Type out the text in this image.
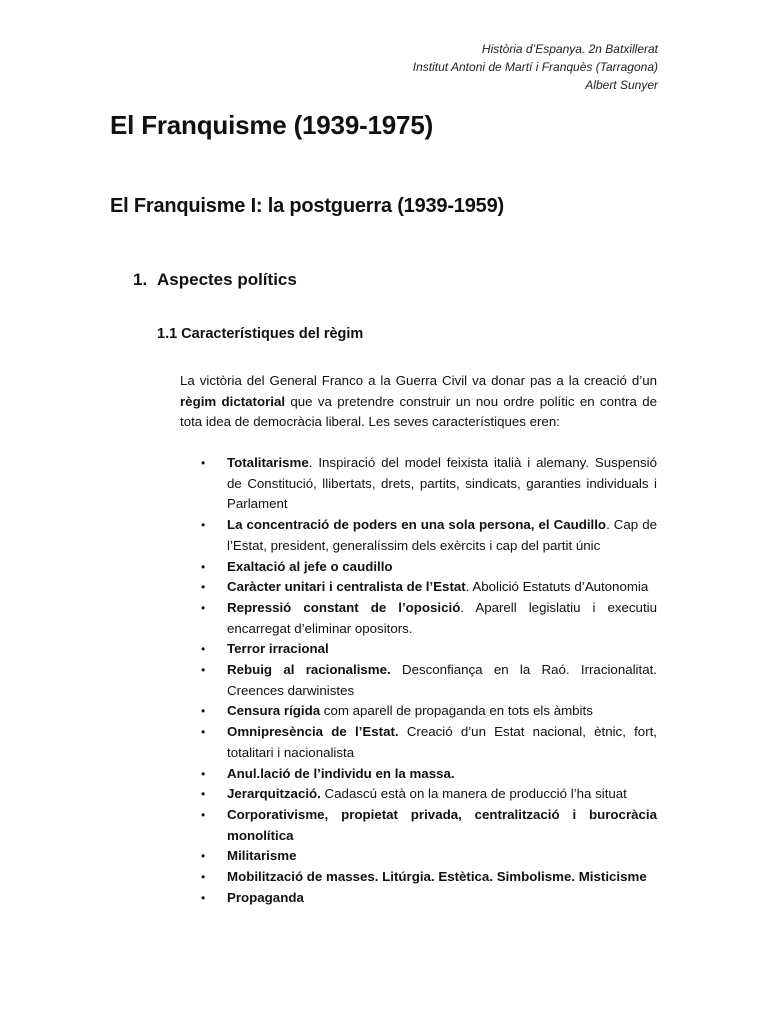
Història d’Espanya. 2n Batxillerat
Institut Antoni de Martí i Franquès (Tarragona)
Albert Sunyer
El Franquisme (1939-1975)
El Franquisme I: la postguerra (1939-1959)
1. Aspectes polítics
1.1 Característiques del règim

La victòria del General Franco a la Guerra Civil va donar pas a la creació d’un règim dictatorial que va pretendre construir un nou ordre polític en contra de tota idea de democràcia liberal. Les seves característiques eren:

• Totalitarisme. Inspiració del model feixista italià i alemany. Suspensió de Constitució, llibertats, drets, partits, sindicats, garanties individuals i Parlament
• La concentració de poders en una sola persona, el Caudillo. Cap de l’Estat, president, generalíssim dels exèrcits i cap del partit únic
• Exaltació al jefe o caudillo
• Caràcter unitari i centralista de l’Estat. Abolició Estatuts d’Autonomia
• Repressió constant de l’oposició. Aparell legislatiu i executiu encarregat d’eliminar opositors.
• Terror irracional
• Rebuig al racionalisme. Desconfiança en la Raó. Irracionalitat. Creences darwinistes
• Censura rígida com aparell de propaganda en tots els àmbits
• Omnipresència de l’Estat. Creació d’un Estat nacional, ètnic, fort, totalitari i nacionalista
• Anul.lació de l’individu en la massa.
• Jerarquització. Cadascú està on la manera de producció l’ha situat
• Corporativisme, propietat privada, centralització i burocràcia monolítica
• Militarisme
• Mobilització de masses. Litúrgia. Estètica. Simbolisme. Misticisme
• Propaganda
